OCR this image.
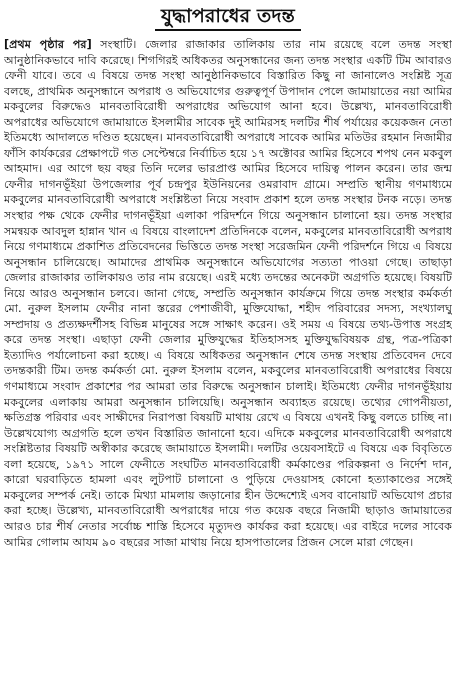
যুদ্ধাপরাধের তদন্ত

[প্রথম পৃষ্ঠার পর] সংস্থাটি। জেলার রাজাকার তালিকায় তার নাম রয়েছে বলে তদন্ত সংস্থা আনুষ্ঠানিকভাবে দাবি করেছে। শিগগিরই অধিকতর অনুসন্ধানের জন্য তদন্ত সংস্থার একটি টিম আবারও ফেনী যাবে। তবে এ বিষয়ে তদন্ত সংস্থা আনুষ্ঠানিকভাবে বিস্তারিত কিছু না জানালেও সংশ্লিষ্ট সূত্র বলছে, প্রাথমিক অনুসন্ধানে অপরাধ ও অভিযোগের গুরুত্বপূর্ণ উপাদান পেলে জামায়াতের নয়া আমির মকবুলের বিরুদ্ধেও মানবতাবিরোধী অপরাধের অভিযোগ আনা হবে। উল্লেখ্য, মানবতাবিরোধী অপরাধের অভিযোগে জামায়াতে ইসলামীর সাবেক দুই আমিরসহ দলটির শীর্ষ পর্যায়ের কয়েকজন নেতা ইতিমধ্যে আদালতে দণ্ডিত হয়েছেন। মানবতাবিরোধী অপরাধে সাবেক আমির মতিউর রহমান নিজামীর ফাঁসি কার্যকরের প্রেক্ষাপটে গত সেপ্টেম্বরে নির্বাচিত হয়ে ১৭ অক্টোবর আমির হিসেবে শপথ নেন মকবুল আহমাদ। এর আগে ছয় বছর তিনি দলের ভারপ্রাপ্ত আমির হিসেবে দায়িত্ব পালন করেন। তার জন্ম ফেনীর দাগনভূঁইয়া উপজেলার পূর্ব চন্দ্রপুর ইউনিয়নের ওমরাবাদ গ্রামে। সম্প্রতি স্থানীয় গণমাধ্যমে মকবুলের মানবতাবিরোধী অপরাধে সংশ্লিষ্টতা নিয়ে সংবাদ প্রকাশ হলে তদন্ত সংস্থার টনক নড়ে। তদন্ত সংস্থার পক্ষ থেকে ফেনীর দাগনভূঁইয়া এলাকা পরিদর্শনে গিয়ে অনুসন্ধান চালানো হয়। তদন্ত সংস্থার সমন্বয়ক আবদুল হান্নান খান এ বিষয়ে বাংলাদেশ প্রতিদিনকে বলেন, মকবুলের মানবতাবিরোধী অপরাধ নিয়ে গণমাধ্যমে প্রকাশিত প্রতিবেদনের ভিত্তিতে তদন্ত সংস্থা সরেজমিন ফেনী পরিদর্শনে গিয়ে এ বিষয়ে অনুসন্ধান চালিয়েছে। আমাদের প্রাথমিক অনুসন্ধানে অভিযোগের সত্যতা পাওয়া গেছে। তাছাড়া জেলার রাজাকার তালিকায়ও তার নাম রয়েছে। এরই মধ্যে তদন্তের অনেকটা অগ্রগতি হয়েছে। বিষয়টি নিয়ে আরও অনুসন্ধান চলবে। জানা গেছে, সম্প্রতি অনুসন্ধান কার্যক্রমে গিয়ে তদন্ত সংস্থার কর্মকর্তা মো. নুরুল ইসলাম ফেনীর নানা স্তরের পেশাজীবী, মুক্তিযোদ্ধা, শহীদ পরিবারের সদস্য, সংখ্যালঘু সম্প্রদায় ও প্রত্যক্ষদর্শীসহ বিভিন্ন মানুষের সঙ্গে সাক্ষাৎ করেন। ওই সময় এ বিষয়ে তথ্য-উপাত্ত সংগ্রহ করে তদন্ত সংস্থা। এছাড়া ফেনী জেলার মুক্তিযুদ্ধের ইতিহাসসহ মুক্তিযুদ্ধবিষয়ক গ্রন্থ, পত্র-পত্রিকা ইত্যাদিও পর্যালোচনা করা হচ্ছে। এ বিষয়ে অধিকতর অনুসন্ধান শেষে তদন্ত সংস্থায় প্রতিবেদন দেবে তদন্তকারী টিম। তদন্ত কর্মকর্তা মো. নুরুল ইসলাম বলেন, মকবুলের মানবতাবিরোধী অপরাধের বিষয়ে গণমাধ্যমে সংবাদ প্রকাশের পর আমরা তার বিরুদ্ধে অনুসন্ধান চালাই। ইতিমধ্যে ফেনীর দাগনভূঁইয়ায় মকবুলের এলাকায় আমরা অনুসন্ধান চালিয়েছি। অনুসন্ধান অব্যাহত রয়েছে। তথ্যের গোপনীয়তা, ক্ষতিগ্রস্ত পরিবার এবং সাক্ষীদের নিরাপত্তা বিষয়টি মাথায় রেখে এ বিষয়ে এখনই কিছু বলতে চাচ্ছি না। উল্লেখযোগ্য অগ্রগতি হলে তখন বিস্তারিত জানানো হবে। এদিকে মকবুলের মানবতাবিরোধী অপরাধে সংশ্লিষ্টতার বিষয়টি অস্বীকার করেছে জামায়াতে ইসলামী। দলটির ওয়েবসাইটে এ বিষয়ে এক বিবৃতিতে বলা হয়েছে, ১৯৭১ সালে ফেনীতে সংঘটিত মানবতাবিরোধী কর্মকাণ্ডের পরিকল্পনা ও নির্দেশ দান, কারো ঘরবাড়িতে হামলা এবং লুটপাট চালানো ও পুড়িয়ে দেওয়াসহ কোনো হত্যাকাণ্ডের সঙ্গেই মকবুলের সম্পর্ক নেই। তাকে মিথ্যা মামলায় জড়ানোর হীন উদ্দেশ্যেই এসব বানোয়াট অভিযোগ প্রচার করা হচ্ছে। উল্লেখ্য, মানবতাবিরোধী অপরাধের দায়ে গত কয়েক বছরে নিজামী ছাড়াও জামায়াতের আরও চার শীর্ষ নেতার সর্বোচ্চ শাস্তি হিসেবে মৃত্যুদণ্ড কার্যকর করা হয়েছে। এর বাইরে দলের সাবেক আমির গোলাম আযম ৯০ বছরের সাজা মাথায় নিয়ে হাসপাতালের প্রিজন সেলে মারা গেছেন।
